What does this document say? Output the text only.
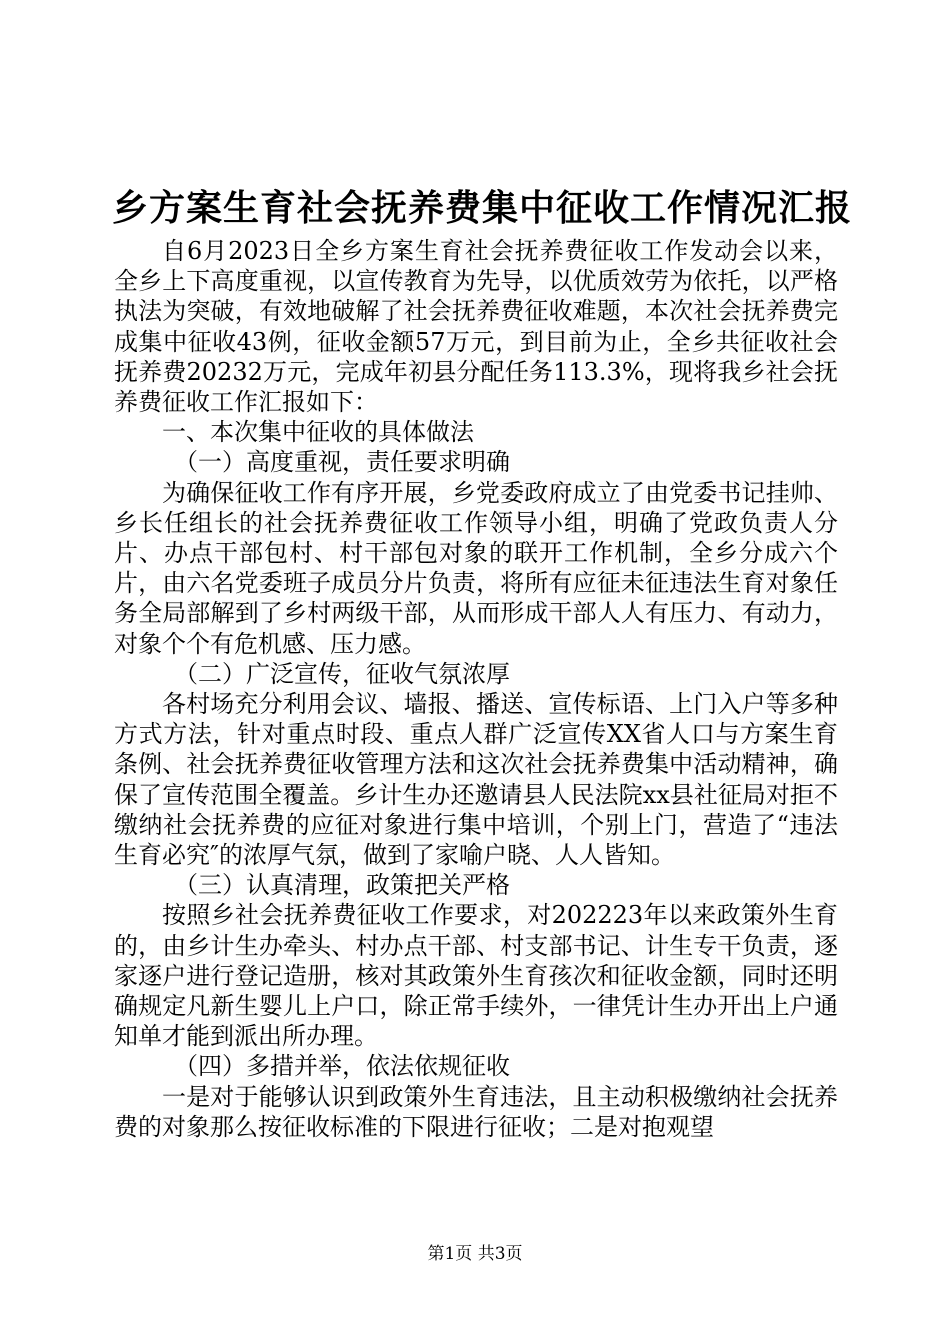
乡方案生育社会抚养费集中征收工作情况汇报

自6月2023日全乡方案生育社会抚养费征收工作发动会以来，全乡上下高度重视，以宣传教育为先导，以优质效劳为依托，以严格执法为突破，有效地破解了社会抚养费征收难题，本次社会抚养费完成集中征收43例，征收金额57万元，到目前为止，全乡共征收社会抚养费20232万元，完成年初县分配任务113.3%，现将我乡社会抚养费征收工作汇报如下：

一、本次集中征收的具体做法

（一）高度重视，责任要求明确

为确保征收工作有序开展，乡党委政府成立了由党委书记挂帅、乡长任组长的社会抚养费征收工作领导小组，明确了党政负责人分片、办点干部包村、村干部包对象的联开工作机制，全乡分成六个片，由六名党委班子成员分片负责，将所有应征未征违法生育对象任务全局部解到了乡村两级干部，从而形成干部人人有压力、有动力，对象个个有危机感、压力感。

（二）广泛宣传，征收气氛浓厚

各村场充分利用会议、墙报、播送、宣传标语、上门入户等多种方式方法，针对重点时段、重点人群广泛宣传XX省人口与方案生育条例、社会抚养费征收管理方法和这次社会抚养费集中活动精神，确保了宣传范围全覆盖。乡计生办还邀请县人民法院xx县社征局对拒不缴纳社会抚养费的应征对象进行集中培训，个别上门，营造了“违法生育必究″的浓厚气氛，做到了家喻户晓、人人皆知。

（三）认真清理，政策把关严格

按照乡社会抚养费征收工作要求，对202223年以来政策外生育的，由乡计生办牵头、村办点干部、村支部书记、计生专干负责，逐家逐户进行登记造册，核对其政策外生育孩次和征收金额，同时还明确规定凡新生婴儿上户口，除正常手续外，一律凭计生办开出上户通知单才能到派出所办理。

（四）多措并举，依法依规征收

一是对于能够认识到政策外生育违法，且主动积极缴纳社会抚养费的对象那么按征收标准的下限进行征收；二是对抱观望

第1页 共3页
